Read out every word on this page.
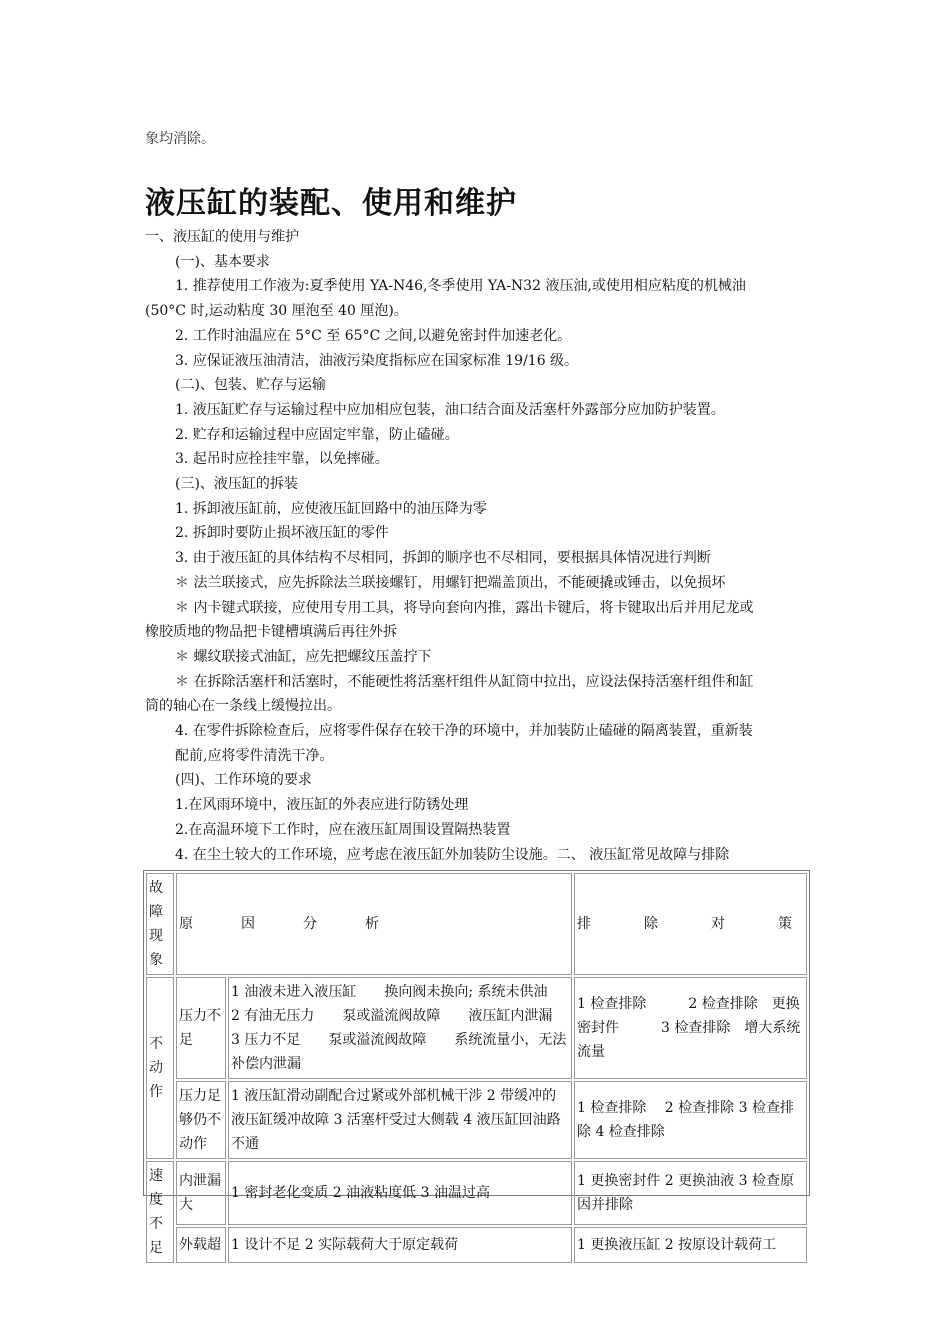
象均消除。
液压缸的装配、使用和维护

一、液压缸的使用与维护

(一)、基本要求

1. 推荐使用工作液为:夏季使用 YA-N46,冬季使用 YA-N32 液压油,或使用相应粘度的机械油

(50°C 时,运动粘度 30 厘泡至 40 厘泡)。

2. 工作时油温应在 5°C 至 65°C 之间,以避免密封件加速老化。

3. 应保证液压油清洁，油液污染度指标应在国家标准 19/16 级。

(二)、包装、贮存与运输

1. 液压缸贮存与运输过程中应加相应包装，油口结合面及活塞杆外露部分应加防护装置。

2. 贮存和运输过程中应固定牢靠，防止磕碰。

3. 起吊时应拴挂牢靠，以免摔碰。

(三)、液压缸的拆装

1. 拆卸液压缸前，应使液压缸回路中的油压降为零

2. 拆卸时要防止损坏液压缸的零件

3. 由于液压缸的具体结构不尽相同，拆卸的顺序也不尽相同，要根据具体情况进行判断

＊ 法兰联接式，应先拆除法兰联接螺钉，用螺钉把端盖顶出，不能硬撬或锤击，以免损坏

＊ 内卡键式联接，应使用专用工具，将导向套向内推，露出卡键后，将卡键取出后并用尼龙或

橡胶质地的物品把卡键槽填满后再往外拆

＊ 螺纹联接式油缸，应先把螺纹压盖拧下

＊ 在拆除活塞杆和活塞时，不能硬性将活塞杆组件从缸筒中拉出，应设法保持活塞杆组件和缸

筒的轴心在一条线上缓慢拉出。

4. 在零件拆除检查后，应将零件保存在较干净的环境中，并加装防止磕碰的隔离装置，重新装

配前,应将零件清洗干净。

(四)、工作环境的要求

1.在风雨环境中，液压缸的外表应进行防锈处理

2.在高温环境下工作时，应在液压缸周围设置隔热装置

4. 在尘土较大的工作环境，应考虑在液压缸外加装防尘设施。二、 液压缸常见故障与排除

故障现象	原 因 分 析		排 除 对 策

不动作	压力不足	1 油液未进入液压缸　　换向阀未换向; 系统未供油　2 有油无压力　　泵或溢流阀故障　　液压缸内泄漏　3 压力不足　　泵或溢流阀故障　　系统流量小，无法补偿内泄漏	1 检查排除　　　2 检查排除　更换密封件　　　3 检查排除　增大系统流量
	压力足够仍不动作	1 液压缸滑动副配合过紧或外部机械干涉 2 带缓冲的液压缸缓冲故障 3 活塞杆受过大侧载 4 液压缸回油路不通	1 检查排除　 2 检查排除 3 检查排除 4 检查排除
速度不足	内泄漏大	1 密封老化变质 2 油液粘度低 3 油温过高	1 更换密封件 2 更换油液 3 检查原因并排除
	外载超	1 设计不足 2 实际载荷大于原定载荷	1 更换液压缸 2 按原设计载荷工
